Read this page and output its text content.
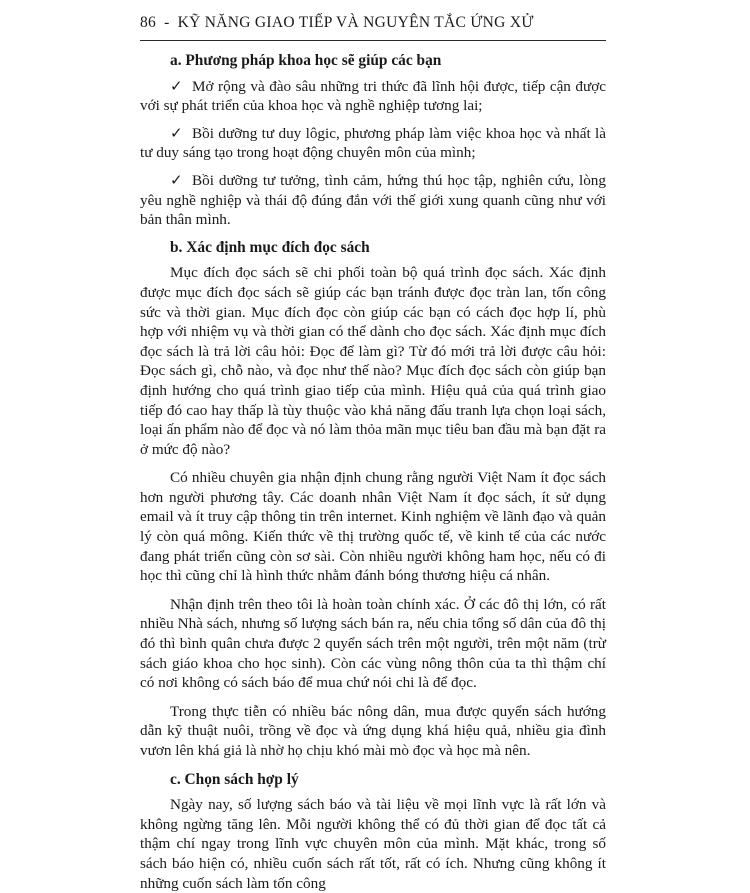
86 - KỸ NĂNG GIAO TIẾP VÀ NGUYÊN TẮC ỨNG XỬ
a. Phương pháp khoa học sẽ giúp các bạn

✓ Mở rộng và đào sâu những tri thức đã lĩnh hội được, tiếp cận được với sự phát triển của khoa học và nghề nghiệp tương lai;

✓ Bồi dưỡng tư duy lôgic, phương pháp làm việc khoa học và nhất là tư duy sáng tạo trong hoạt động chuyên môn của mình;

✓ Bồi dưỡng tư tưởng, tình cảm, hứng thú học tập, nghiên cứu, lòng yêu nghề nghiệp và thái độ đúng đắn với thế giới xung quanh cũng như với bản thân mình.

b. Xác định mục đích đọc sách

Mục đích đọc sách sẽ chi phối toàn bộ quá trình đọc sách. Xác định được mục đích đọc sách sẽ giúp các bạn tránh được đọc tràn lan, tốn công sức và thời gian. Mục đích đọc còn giúp các bạn có cách đọc hợp lí, phù hợp với nhiệm vụ và thời gian có thể dành cho đọc sách. Xác định mục đích đọc sách là trả lời câu hỏi: Đọc để làm gì? Từ đó mới trả lời được câu hỏi: Đọc sách gì, chỗ nào, và đọc như thế nào? Mục đích đọc sách còn giúp bạn định hướng cho quá trình giao tiếp của mình. Hiệu quả của quá trình giao tiếp đó cao hay thấp là tùy thuộc vào khả năng đấu tranh lựa chọn loại sách, loại ấn phẩm nào để đọc và nó làm thỏa mãn mục tiêu ban đầu mà bạn đặt ra ở mức độ nào?

Có nhiều chuyên gia nhận định chung rằng người Việt Nam ít đọc sách hơn người phương tây. Các doanh nhân Việt Nam ít đọc sách, ít sử dụng email và ít truy cập thông tin trên internet. Kinh nghiệm về lãnh đạo và quản lý còn quá mông. Kiến thức về thị trường quốc tế, về kinh tế của các nước đang phát triển cũng còn sơ sài. Còn nhiều người không ham học, nếu có đi học thì cũng chỉ là hình thức nhằm đánh bóng thương hiệu cá nhân.

Nhận định trên theo tôi là hoàn toàn chính xác. Ở các đô thị lớn, có rất nhiều Nhà sách, nhưng số lượng sách bán ra, nếu chia tổng số dân của đô thị đó thì bình quân chưa được 2 quyển sách trên một người, trên một năm (trừ sách giáo khoa cho học sinh). Còn các vùng nông thôn của ta thì thậm chí có nơi không có sách báo để mua chứ nói chi là để đọc.

Trong thực tiễn có nhiều bác nông dân, mua được quyển sách hướng dẫn kỹ thuật nuôi, trồng về đọc và ứng dụng khá hiệu quả, nhiều gia đình vươn lên khá giả là nhờ họ chịu khó mài mò đọc và học mà nên.

c. Chọn sách hợp lý

Ngày nay, số lượng sách báo và tài liệu về mọi lĩnh vực là rất lớn và không ngừng tăng lên. Mỗi người không thể có đủ thời gian để đọc tất cả thậm chí ngay trong lĩnh vực chuyên môn của mình. Mặt khác, trong số sách báo hiện có, nhiều cuốn sách rất tốt, rất có ích. Nhưng cũng không ít những cuốn sách làm tốn công
